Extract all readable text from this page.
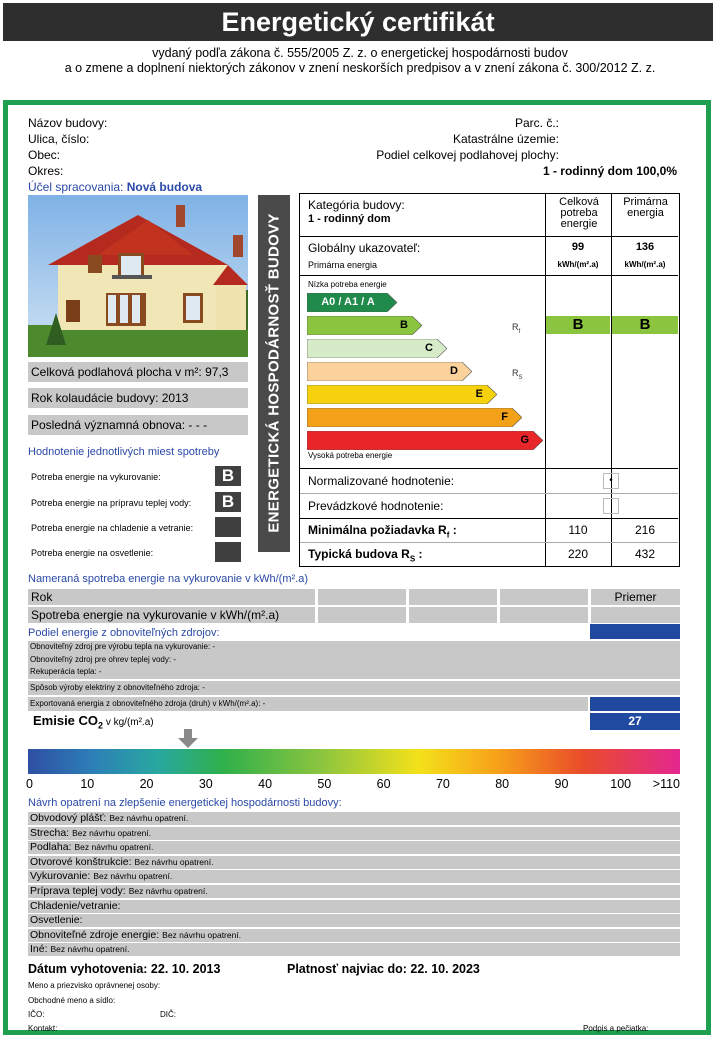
Energetický certifikát
vydaný podľa zákona č. 555/2005 Z. z. o energetickej hospodárnosti budov
a o zmene a doplnení niektorých zákonov v znení neskorších predpisov a v znení zákona č. 300/2012 Z. z.
Názov budovy:
Ulica, číslo:
Obec:
Okres:
Parc. č.:
Katastrálne územie:
Podiel celkovej podlahovej plochy:
1 - rodinný dom 100,0%
Účel spracovania: Nová budova
Celková podlahová plocha v m²: 97,3
Rok kolaudácie budovy: 2013
Posledná významná obnova: - - -
Hodnotenie jednotlivých miest spotreby
Potreba energie na vykurovanie:	B
Potreba energie na prípravu teplej vody:	B
Potreba energie na chladenie a vetranie:
Potreba energie na osvetlenie:
ENERGETICKÁ HOSPODÁRNOSŤ BUDOVY
Kategória budovy:
1 - rodinný dom
Celková potreba energie
Primárna energia
Globálny ukazovateľ:
Primárna energia
99	136
kWh/(m².a)	kWh/(m².a)
Nízka potreba energie
A0 / A1 / A
B
C
D
E
F
G
Vysoká potreba energie
$R_f$
$R_S$
B	B
Normalizované hodnotenie:	•
Prevádzkové hodnotenie:
Minimálna požiadavka $R_f$ :	110	216
Typická budova $R_S$ :	220	432
Nameraná spotreba energie na vykurovanie v kWh/(m².a)
Rok	Priemer
Spotreba energie na vykurovanie v kWh/(m².a)
Podiel energie z obnoviteľných zdrojov:
Obnoviteľný zdroj pre výrobu tepla na vykurovanie: -
Obnoviteľný zdroj pre ohrev teplej vody: -
Rekuperácia tepla: -
Spôsob výroby elektriny z obnoviteľného zdroja: -
Exportovaná energia z obnoviteľného zdroja (druh) v kWh/(m².a): -
Emisie $CO_2$ v kg/(m².a)	27
0	10	20	30	40	50	60	70	80	90	100	>110
Návrh opatrení na zlepšenie energetickej hospodárnosti budovy:
Obvodový plášť: Bez návrhu opatrení.
Strecha: Bez návrhu opatrení.
Podlaha: Bez návrhu opatrení.
Otvorové konštrukcie: Bez návrhu opatrení.
Vykurovanie: Bez návrhu opatrení.
Príprava teplej vody: Bez návrhu opatrení.
Chladenie/vetranie:
Osvetlenie:
Obnoviteľné zdroje energie: Bez návrhu opatrení.
Iné: Bez návrhu opatrení.
Dátum vyhotovenia: 22. 10. 2013	Platnosť najviac do: 22. 10. 2023
Meno a priezvisko oprávnenej osoby:
Obchodné meno a sídlo:
IČO:	DIČ:
Kontakt:	Podpis a pečiatka:
